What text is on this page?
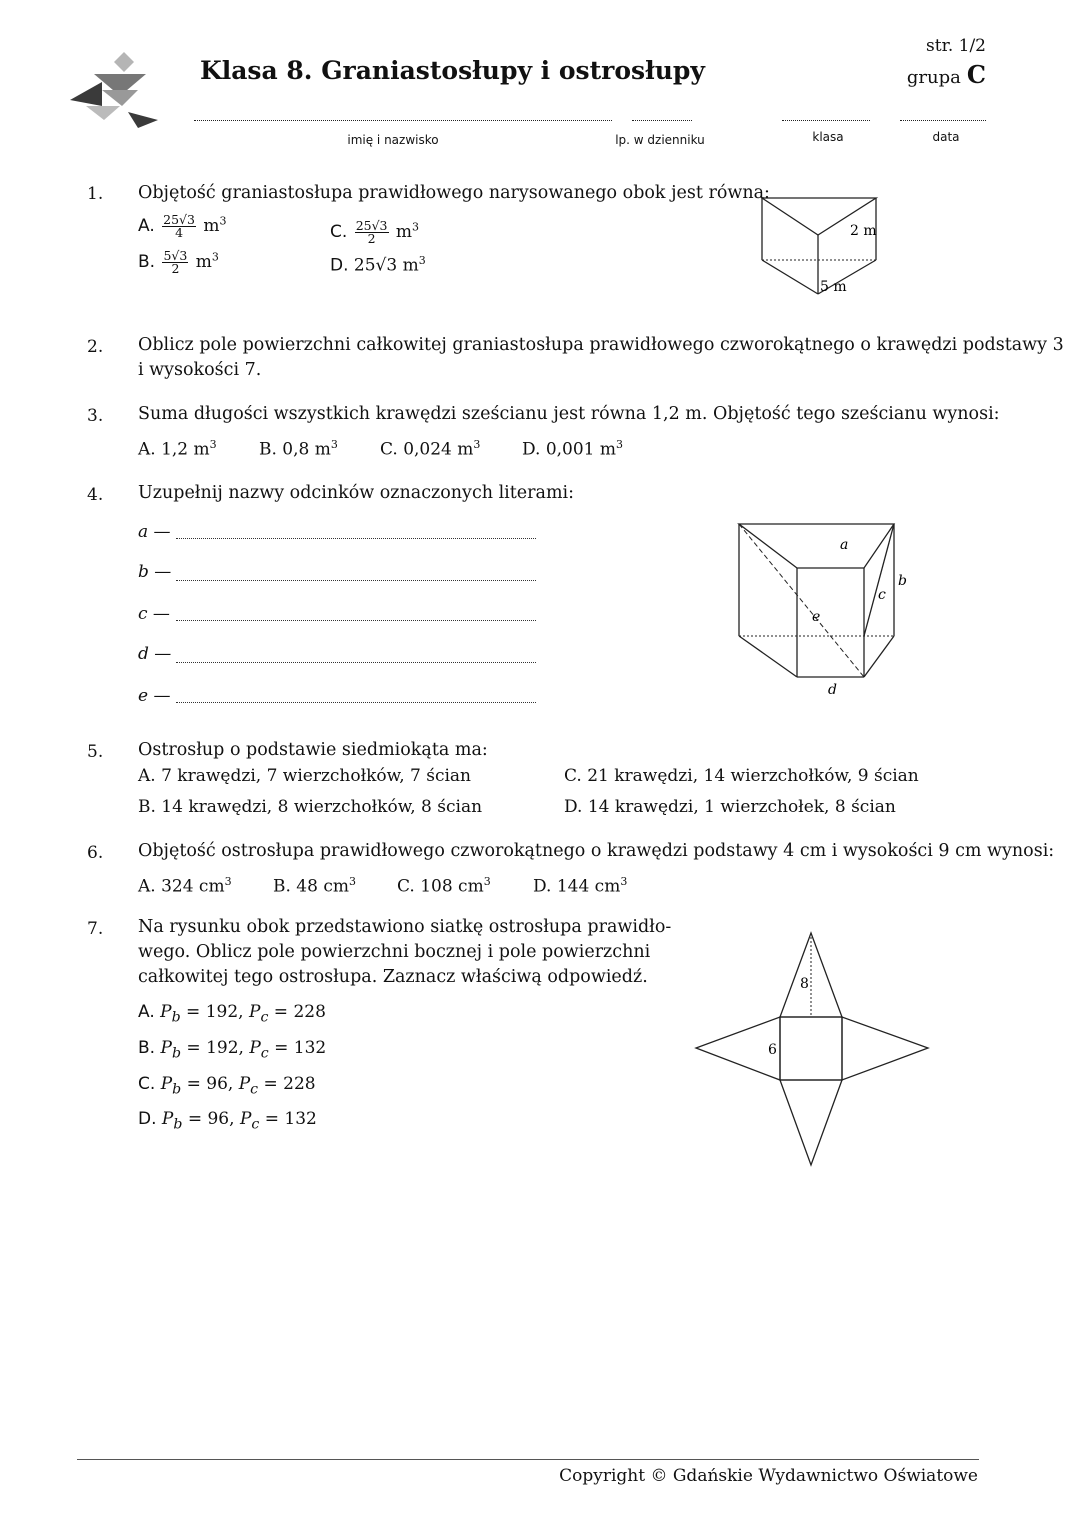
Klasa 8. Graniastosłupy i ostrosłupy
str. 1/2
grupa C
imię i nazwisko	lp. w dzienniku	klasa	data
1.	Objętość graniastosłupa prawidłowego narysowanego obok jest równa:
A. $\frac{25√3}{4} m^3$
B. $\frac{5√3}{2} m^3$
C. $\frac{25√3}{2} m^3$
D. 25√3 $m^3$
2 m
5 m
2.	Oblicz pole powierzchni całkowitej graniastosłupa prawidłowego czworokątnego o krawędzi podstawy 3
i wysokości 7.
3.	Suma długości wszystkich krawędzi sześcianu jest równa 1,2 m. Objętość tego sześcianu wynosi:
A. 1,2 $m^3$ B. 0,8 $m^3$ C. 0,024 $m^3$ D. 0,001 $m^3$
4.	Uzupełnij nazwy odcinków oznaczonych literami:
a —
b —
c —
d —
e —
a
b
c
d
e
5.	Ostrosłup o podstawie siedmiokąta ma:
A. 7 krawędzi, 7 wierzchołków, 7 ścian
B. 14 krawędzi, 8 wierzchołków, 8 ścian
C. 21 krawędzi, 14 wierzchołków, 9 ścian
D. 14 krawędzi, 1 wierzchołek, 8 ścian
6.	Objętość ostrosłupa prawidłowego czworokątnego o krawędzi podstawy 4 cm i wysokości 9 cm wynosi:
A. 324 $cm^3$ B. 48 $cm^3$ C. 108 $cm^3$ D. 144 $cm^3$
7.	Na rysunku obok przedstawiono siatkę ostrosłupa prawidło-
wego. Oblicz pole powierzchni bocznej i pole powierzchni
całkowitej tego ostrosłupa. Zaznacz właściwą odpowiedź.
A. $P_b = 192$, $P_c = 228$
B. $P_b = 192$, $P_c = 132$
C. $P_b = 96$, $P_c = 228$
D. $P_b = 96$, $P_c = 132$
8
6
Copyright © Gdańskie Wydawnictwo Oświatowe
